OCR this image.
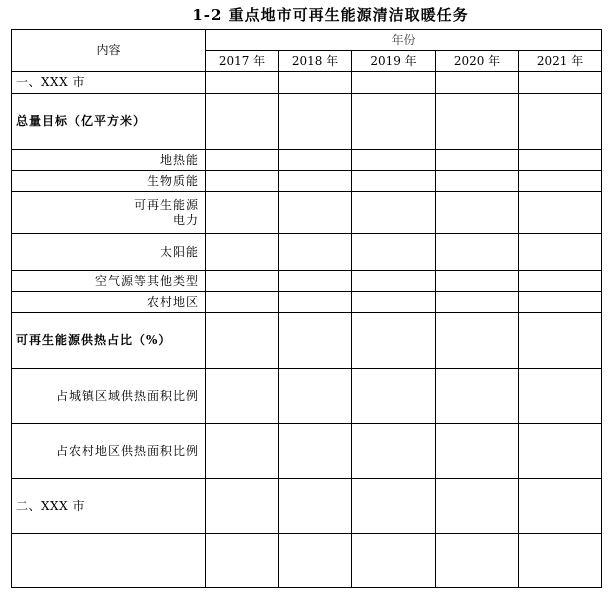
1-2 重点地市可再生能源清洁取暖任务
内容	年份				
	2017 年	2018 年	2019 年	2020 年	2021 年
一、XXX 市					
总量目标（亿平方米）					
地热能					
生物质能					

可再生能源
电力					

太阳能					
空气源等其他类型					
农村地区					
可再生能源供热占比（%）					
占城镇区域供热面积比例					
占农村地区供热面积比例					
二、XXX 市					
